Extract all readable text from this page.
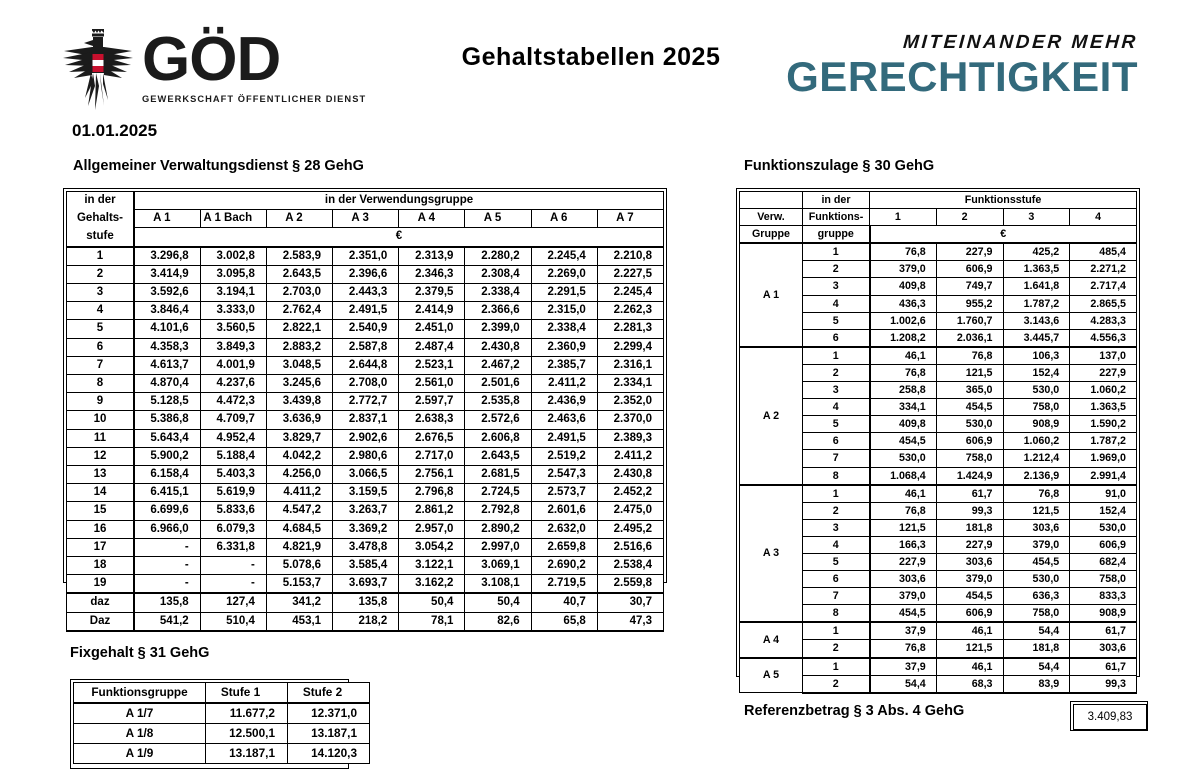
GÖD
GEWERKSCHAFT ÖFFENTLICHER DIENST
01.01.2025
Gehaltstabellen 2025
MITEINANDER MEHR
GERECHTIGKEIT
Allgemeiner Verwaltungsdienst § 28 GehG	Funktionszulage § 30 GehG
Fixgehalt § 31 GehG
Referenzbetrag § 3 Abs. 4 GehG
in der	in der Verwendungsgruppe							
Gehalts-	A 1	A 1 Bach	A 2	A 3	A 4	A 5	A 6	A 7
stufe	€							
1	3.296,8	3.002,8	2.583,9	2.351,0	2.313,9	2.280,2	2.245,4	2.210,8
2	3.414,9	3.095,8	2.643,5	2.396,6	2.346,3	2.308,4	2.269,0	2.227,5
3	3.592,6	3.194,1	2.703,0	2.443,3	2.379,5	2.338,4	2.291,5	2.245,4
4	3.846,4	3.333,0	2.762,4	2.491,5	2.414,9	2.366,6	2.315,0	2.262,3
5	4.101,6	3.560,5	2.822,1	2.540,9	2.451,0	2.399,0	2.338,4	2.281,3
6	4.358,3	3.849,3	2.883,2	2.587,8	2.487,4	2.430,8	2.360,9	2.299,4
7	4.613,7	4.001,9	3.048,5	2.644,8	2.523,1	2.467,2	2.385,7	2.316,1
8	4.870,4	4.237,6	3.245,6	2.708,0	2.561,0	2.501,6	2.411,2	2.334,1
9	5.128,5	4.472,3	3.439,8	2.772,7	2.597,7	2.535,8	2.436,9	2.352,0
10	5.386,8	4.709,7	3.636,9	2.837,1	2.638,3	2.572,6	2.463,6	2.370,0
11	5.643,4	4.952,4	3.829,7	2.902,6	2.676,5	2.606,8	2.491,5	2.389,3
12	5.900,2	5.188,4	4.042,2	2.980,6	2.717,0	2.643,5	2.519,2	2.411,2
13	6.158,4	5.403,3	4.256,0	3.066,5	2.756,1	2.681,5	2.547,3	2.430,8
14	6.415,1	5.619,9	4.411,2	3.159,5	2.796,8	2.724,5	2.573,7	2.452,2
15	6.699,6	5.833,6	4.547,2	3.263,7	2.861,2	2.792,8	2.601,6	2.475,0
16	6.966,0	6.079,3	4.684,5	3.369,2	2.957,0	2.890,2	2.632,0	2.495,2
17	-	6.331,8	4.821,9	3.478,8	3.054,2	2.997,0	2.659,8	2.516,6
18	-	-	5.078,6	3.585,4	3.122,1	3.069,1	2.690,2	2.538,4
19	-	-	5.153,7	3.693,7	3.162,2	3.108,1	2.719,5	2.559,8
daz	135,8	127,4	341,2	135,8	50,4	50,4	40,7	30,7
Daz	541,2	510,4	453,1	218,2	78,1	82,6	65,8	47,3
	in der	Funktionsstufe			
Verw.	Funktions-	1	2	3	4
Gruppe	gruppe	€			
A 1	1	76,8	227,9	425,2	485,4
	2	379,0	606,9	1.363,5	2.271,2
	3	409,8	749,7	1.641,8	2.717,4
	4	436,3	955,2	1.787,2	2.865,5
	5	1.002,6	1.760,7	3.143,6	4.283,3
	6	1.208,2	2.036,1	3.445,7	4.556,3
A 2	1	46,1	76,8	106,3	137,0
	2	76,8	121,5	152,4	227,9
	3	258,8	365,0	530,0	1.060,2
	4	334,1	454,5	758,0	1.363,5
	5	409,8	530,0	908,9	1.590,2
	6	454,5	606,9	1.060,2	1.787,2
	7	530,0	758,0	1.212,4	1.969,0
	8	1.068,4	1.424,9	2.136,9	2.991,4
A 3	1	46,1	61,7	76,8	91,0
	2	76,8	99,3	121,5	152,4
	3	121,5	181,8	303,6	530,0
	4	166,3	227,9	379,0	606,9
	5	227,9	303,6	454,5	682,4
	6	303,6	379,0	530,0	758,0
	7	379,0	454,5	636,3	833,3
	8	454,5	606,9	758,0	908,9
A 4	1	37,9	46,1	54,4	61,7
	2	76,8	121,5	181,8	303,6
A 5	1	37,9	46,1	54,4	61,7
	2	54,4	68,3	83,9	99,3
Funktionsgruppe	Stufe 1	Stufe 2
A 1/7	11.677,2	12.371,0
A 1/8	12.500,1	13.187,1
A 1/9	13.187,1	14.120,3
3.409,83
